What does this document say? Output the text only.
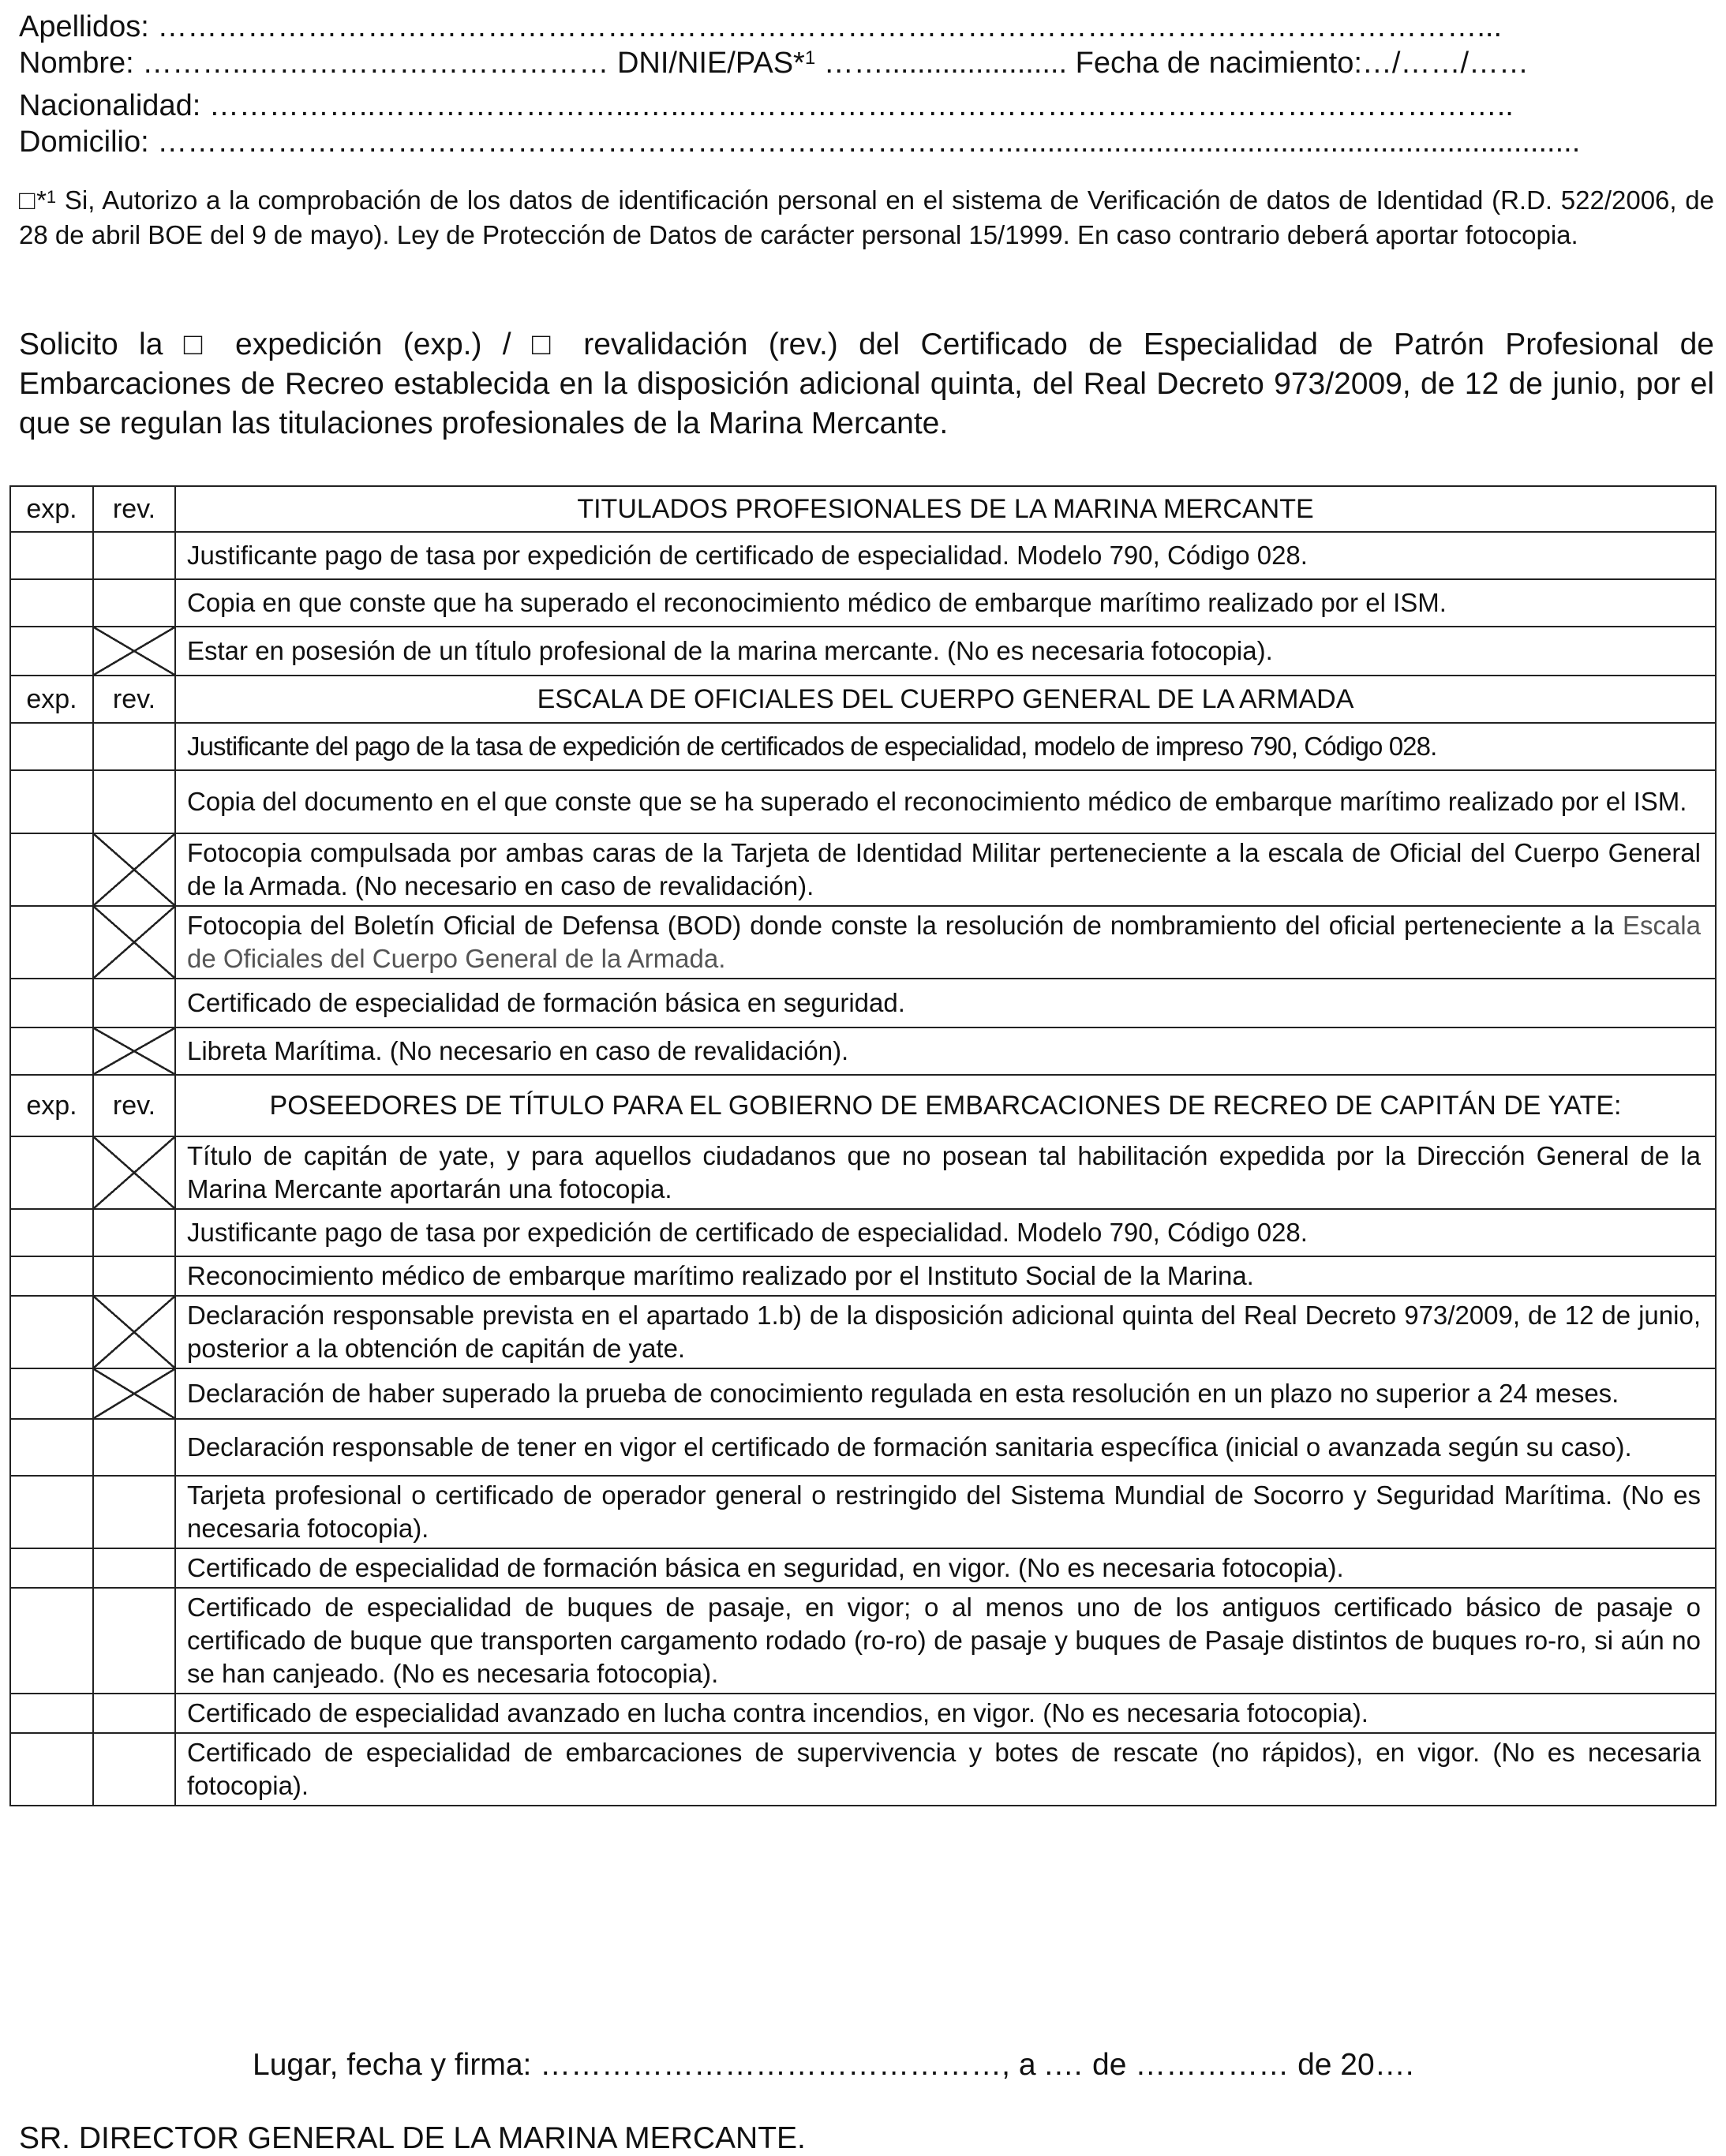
Apellidos: ……………………………………………………………………………………………………………………...
Nombre: ………..……………………………… DNI/NIE/PAS*$^1$ ……...................... Fecha de nacimiento:…/……/……
Nacionalidad: ……………..……………………...…..………………………………………………………………………..
Domicilio: …………………………………………………………………………......................................................................
□*$^1$ Si, Autorizo a la comprobación de los datos de identificación personal en el sistema de Verificación de datos de Identidad (R.D. 522/2006, de 28 de abril BOE del 9 de mayo). Ley de Protección de Datos de carácter personal 15/1999. En caso contrario deberá aportar fotocopia.
Solicito la □ expedición (exp.) / □ revalidación (rev.) del Certificado de Especialidad de Patrón Profesional de Embarcaciones de Recreo establecida en la disposición adicional quinta, del Real Decreto 973/2009, de 12 de junio, por el que se regulan las titulaciones profesionales de la Marina Mercante.
exp.	rev.	TITULADOS PROFESIONALES DE LA MARINA MERCANTE
		Justificante pago de tasa por expedición de certificado de especialidad. Modelo 790, Código 028.
		Copia en que conste que ha superado el reconocimiento médico de embarque marítimo realizado por el ISM.
		Estar en posesión de un título profesional de la marina mercante. (No es necesaria fotocopia).
exp.	rev.	ESCALA DE OFICIALES DEL CUERPO GENERAL DE LA ARMADA
		Justificante del pago de la tasa de expedición de certificados de especialidad, modelo de impreso 790, Código 028.
		Copia del documento en el que conste que se ha superado el reconocimiento médico de embarque marítimo realizado por el ISM.
		Fotocopia compulsada por ambas caras de la Tarjeta de Identidad Militar perteneciente a la escala de Oficial del Cuerpo General de la Armada. (No necesario en caso de revalidación).
		Fotocopia del Boletín Oficial de Defensa (BOD) donde conste la resolución de nombramiento del oficial perteneciente a la Escala de Oficiales del Cuerpo General de la Armada.
		Certificado de especialidad de formación básica en seguridad.
		Libreta Marítima. (No necesario en caso de revalidación).
exp.	rev.	POSEEDORES DE TÍTULO PARA EL GOBIERNO DE EMBARCACIONES DE RECREO DE CAPITÁN DE YATE:
		Título de capitán de yate, y para aquellos ciudadanos que no posean tal habilitación expedida por la Dirección General de la Marina Mercante aportarán una fotocopia.
		Justificante pago de tasa por expedición de certificado de especialidad. Modelo 790, Código 028.
		Reconocimiento médico de embarque marítimo realizado por el Instituto Social de la Marina.
		Declaración responsable prevista en el apartado 1.b) de la disposición adicional quinta del Real Decreto 973/2009, de 12 de junio, posterior a la obtención de capitán de yate.
		Declaración de haber superado la prueba de conocimiento regulada en esta resolución en un plazo no superior a 24 meses.
		Declaración responsable de tener en vigor el certificado de formación sanitaria específica (inicial o avanzada según su caso).
		Tarjeta profesional o certificado de operador general o restringido del Sistema Mundial de Socorro y Seguridad Marítima. (No es necesaria fotocopia).
		Certificado de especialidad de formación básica en seguridad, en vigor. (No es necesaria fotocopia).
		Certificado de especialidad de buques de pasaje, en vigor; o al menos uno de los antiguos certificado básico de pasaje o certificado de buque que transporten cargamento rodado (ro-ro) de pasaje y buques de Pasaje distintos de buques ro-ro, si aún no se han canjeado. (No es necesaria fotocopia).
		Certificado de especialidad avanzado en lucha contra incendios, en vigor. (No es necesaria fotocopia).
		Certificado de especialidad de embarcaciones de supervivencia y botes de rescate (no rápidos), en vigor. (No es necesaria fotocopia).
Lugar, fecha y firma: ………………………………………, a .… de …………… de 20….
SR. DIRECTOR GENERAL DE LA MARINA MERCANTE.
